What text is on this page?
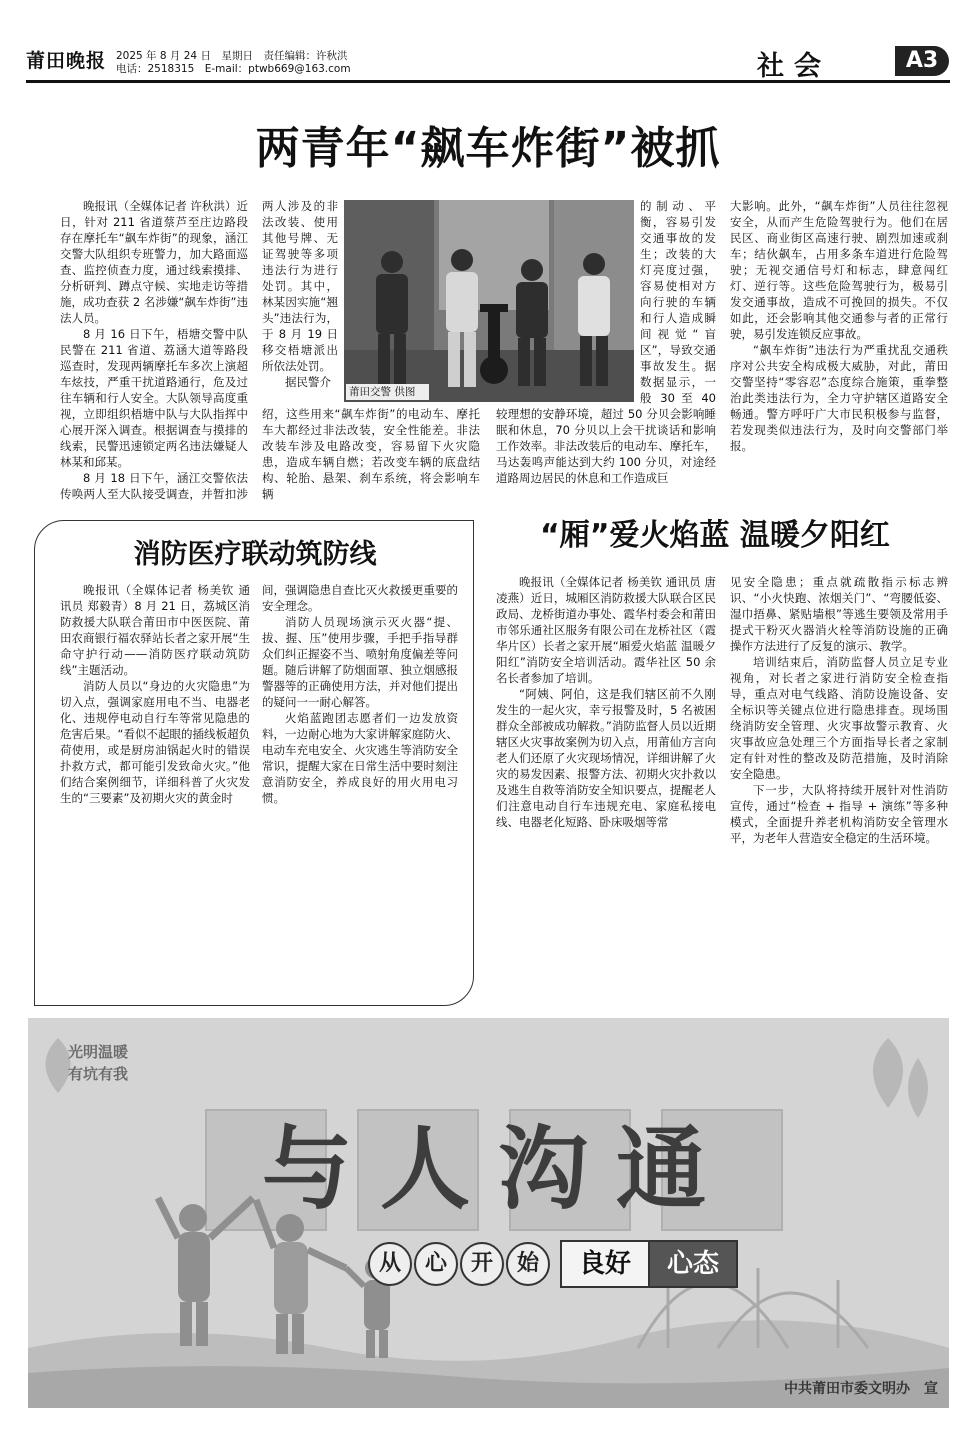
莆田晚报 2025 年 8 月 24 日　星期日　责任编辑：许秋洪
电话：2518315　E-mail：ptwb669@163.com	社会	A3
两青年“飙车炸街”被抓

晚报讯（全媒体记者 许秋洪）近日，针对 211 省道蔡芦至庄边路段存在摩托车“飙车炸街”的现象，涵江交警大队组织专班警力，加大路面巡查、监控侦查力度，通过线索摸排、分析研判、蹲点守候、实地走访等措施，成功查获 2 名涉嫌“飙车炸街”违法人员。

8 月 16 日下午，梧塘交警中队民警在 211 省道、荔涵大道等路段巡查时，发现两辆摩托车多次上演超车炫技，严重干扰道路通行，危及过往车辆和行人安全。大队领导高度重视，立即组织梧塘中队与大队指挥中心展开深入调查。根据调查与摸排的线索，民警迅速锁定两名违法嫌疑人林某和邱某。

8 月 18 日下午，涵江交警依法传唤两人至大队接受调查，并暂扣涉

两人涉及的非法改装、使用其他号牌、无证驾驶等多项违法行为进行处罚。其中，林某因实施“翘头”违法行为，于 8 月 19 日移交梧塘派出所依法处罚。

据民警介

绍，这些用来“飙车炸街”的电动车、摩托车大都经过非法改装，安全性能差。非法改装车涉及电路改变，容易留下火灾隐患，造成车辆自燃；若改变车辆的底盘结构、轮胎、悬架、刹车系统，将会影响车辆

莆田交警 供图

的制动、平衡，容易引发交通事故的发生；改装的大灯亮度过强，容易使相对方向行驶的车辆和行人造成瞬间视觉“盲区”，导致交通事故发生。据数据显示，一般 30 至 40

较理想的安静环境，超过 50 分贝会影响睡眠和休息，70 分贝以上会干扰谈话和影响工作效率。非法改装后的电动车、摩托车，马达轰鸣声能达到大约 100 分贝，对途经道路周边居民的休息和工作造成巨

大影响。此外，“飙车炸街”人员往往忽视安全，从而产生危险驾驶行为。他们在居民区、商业街区高速行驶、剧烈加速或刹车；结伙飙车，占用多条车道进行危险驾驶；无视交通信号灯和标志，肆意闯红灯、逆行等。这些危险驾驶行为，极易引发交通事故，造成不可挽回的损失。不仅如此，还会影响其他交通参与者的正常行驶，易引发连锁反应事故。

“飙车炸街”违法行为严重扰乱交通秩序对公共安全构成极大威胁，对此，莆田交警坚持“零容忍”态度综合施策，重拳整治此类违法行为，全力守护辖区道路安全畅通。警方呼吁广大市民积极参与监督，若发现类似违法行为，及时向交警部门举报。

消防医疗联动筑防线

晚报讯（全媒体记者 杨美钦 通讯员 郑毅青）8 月 21 日，荔城区消防救援大队联合莆田市中医医院、莆田农商银行福农驿站长者之家开展“生命守护行动——消防医疗联动筑防线”主题活动。

消防人员以“身边的火灾隐患”为切入点，强调家庭用电不当、电器老化、违规停电动自行车等常见隐患的危害后果。“看似不起眼的插线板超负荷使用，或是厨房油锅起火时的错误扑救方式，都可能引发致命火灾。”他们结合案例细节，详细科普了火灾发生的“三要素”及初期火灾的黄金时

间，强调隐患自查比灭火救援更重要的安全理念。

消防人员现场演示灭火器“提、拔、握、压”使用步骤，手把手指导群众们纠正握姿不当、喷射角度偏差等问题。随后讲解了防烟面罩、独立烟感报警器等的正确使用方法，并对他们提出的疑问一一耐心解答。

火焰蓝跑团志愿者们一边发放资料，一边耐心地为大家讲解家庭防火、电动车充电安全、火灾逃生等消防安全常识，提醒大家在日常生活中要时刻注意消防安全，养成良好的用火用电习惯。

“厢”爱火焰蓝 温暖夕阳红

晚报讯（全媒体记者 杨美钦 通讯员 唐凌燕）近日，城厢区消防救援大队联合区民政局、龙桥街道办事处、霞华村委会和莆田市邻乐通社区服务有限公司在龙桥社区（霞华片区）长者之家开展“厢爱火焰蓝 温暖夕阳红”消防安全培训活动。霞华社区 50 余名长者参加了培训。

“阿姨、阿伯，这是我们辖区前不久刚发生的一起火灾，幸亏报警及时，5 名被困群众全部被成功解救。”消防监督人员以近期辖区火灾事故案例为切入点，用莆仙方言向老人们还原了火灾现场情况，详细讲解了火灾的易发因素、报警方法、初期火灾扑救以及逃生自救等消防安全知识要点，提醒老人们注意电动自行车违规充电、家庭私接电线、电器老化短路、卧床吸烟等常

见安全隐患；重点就疏散指示标志辨识、“小火快跑、浓烟关门”、“弯腰低姿、湿巾捂鼻、紧贴墙根”等逃生要领及常用手提式干粉灭火器消火栓等消防设施的正确操作方法进行了反复的演示、教学。

培训结束后，消防监督人员立足专业视角，对长者之家进行消防安全检查指导，重点对电气线路、消防设施设备、安全标识等关键点位进行隐患排查。现场围绕消防安全管理、火灾事故警示教育、火灾事故应急处理三个方面指导长者之家制定有针对性的整改及防范措施，及时消除安全隐患。

下一步，大队将持续开展针对性消防宣传，通过“检查 + 指导 + 演练”等多种模式，全面提升养老机构消防安全管理水平，为老年人营造安全稳定的生活环境。

光明温暖
有坑有我
与人沟通
从	心	开	始	良好	心态
中共莆田市委文明办　宣
